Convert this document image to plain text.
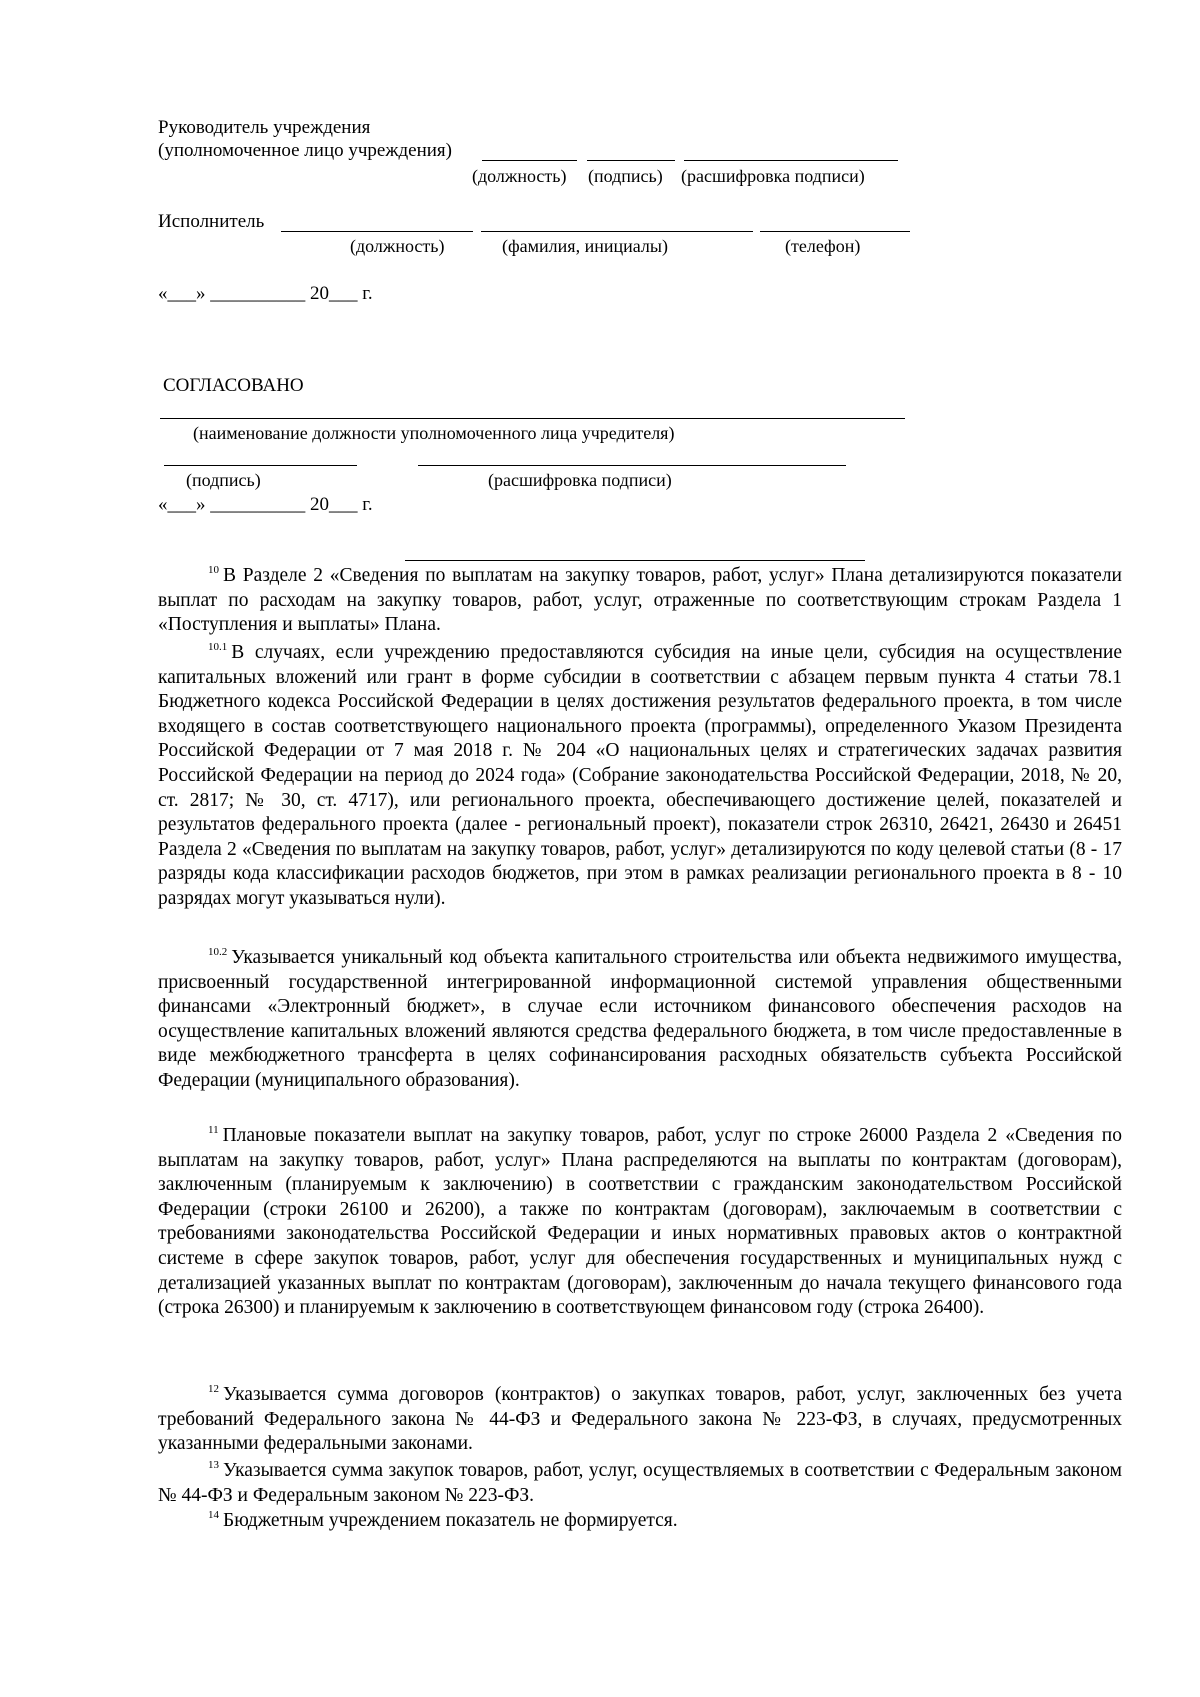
Руководитель учреждения
(уполномоченное лицо учреждения)
(должность) (подпись) (расшифровка подписи)
Исполнитель
(должность)	(фамилия, инициалы)	(телефон)
«___» __________ 20___ г.
СОГЛАСОВАНО
(наименование должности уполномоченного лица учредителя)
(подпись)	(расшифровка подписи)
«___» __________ 20___ г.
$^{10}$ В Разделе 2 «Сведения по выплатам на закупку товаров, работ, услуг» Плана детализируются показатели выплат по расходам на закупку товаров, работ, услуг, отраженные по соответствующим строкам Раздела 1 «Поступления и выплаты» Плана.
$^{10.1}$ В случаях, если учреждению предоставляются субсидия на иные цели, субсидия на осуществление капитальных вложений или грант в форме субсидии в соответствии с абзацем первым пункта 4 статьи 78.1 Бюджетного кодекса Российской Федерации в целях достижения результатов федерального проекта, в том числе входящего в состав соответствующего национального проекта (программы), определенного Указом Президента Российской Федерации от 7 мая 2018 г. № 204 «О национальных целях и стратегических задачах развития Российской Федерации на период до 2024 года» (Собрание законодательства Российской Федерации, 2018, № 20, ст. 2817; № 30, ст. 4717), или регионального проекта, обеспечивающего достижение целей, показателей и результатов федерального проекта (далее - региональный проект), показатели строк 26310, 26421, 26430 и 26451 Раздела 2 «Сведения по выплатам на закупку товаров, работ, услуг» детализируются по коду целевой статьи (8 - 17 разряды кода классификации расходов бюджетов, при этом в рамках реализации регионального проекта в 8 - 10 разрядах могут указываться нули).
$^{10.2}$ Указывается уникальный код объекта капитального строительства или объекта недвижимого имущества, присвоенный государственной интегрированной информационной системой управления общественными финансами «Электронный бюджет», в случае если источником финансового обеспечения расходов на осуществление капитальных вложений являются средства федерального бюджета, в том числе предоставленные в виде межбюджетного трансферта в целях софинансирования расходных обязательств субъекта Российской Федерации (муниципального образования).
$^{11}$ Плановые показатели выплат на закупку товаров, работ, услуг по строке 26000 Раздела 2 «Сведения по выплатам на закупку товаров, работ, услуг» Плана распределяются на выплаты по контрактам (договорам), заключенным (планируемым к заключению) в соответствии с гражданским законодательством Российской Федерации (строки 26100 и 26200), а также по контрактам (договорам), заключаемым в соответствии с требованиями законодательства Российской Федерации и иных нормативных правовых актов о контрактной системе в сфере закупок товаров, работ, услуг для обеспечения государственных и муниципальных нужд с детализацией указанных выплат по контрактам (договорам), заключенным до начала текущего финансового года (строка 26300) и планируемым к заключению в соответствующем финансовом году (строка 26400).
$^{12}$ Указывается сумма договоров (контрактов) о закупках товаров, работ, услуг, заключенных без учета требований Федерального закона № 44-ФЗ и Федерального закона № 223-ФЗ, в случаях, предусмотренных указанными федеральными законами.
$^{13}$ Указывается сумма закупок товаров, работ, услуг, осуществляемых в соответствии с Федеральным законом № 44-ФЗ и Федеральным законом № 223-ФЗ.
$^{14}$ Бюджетным учреждением показатель не формируется.
